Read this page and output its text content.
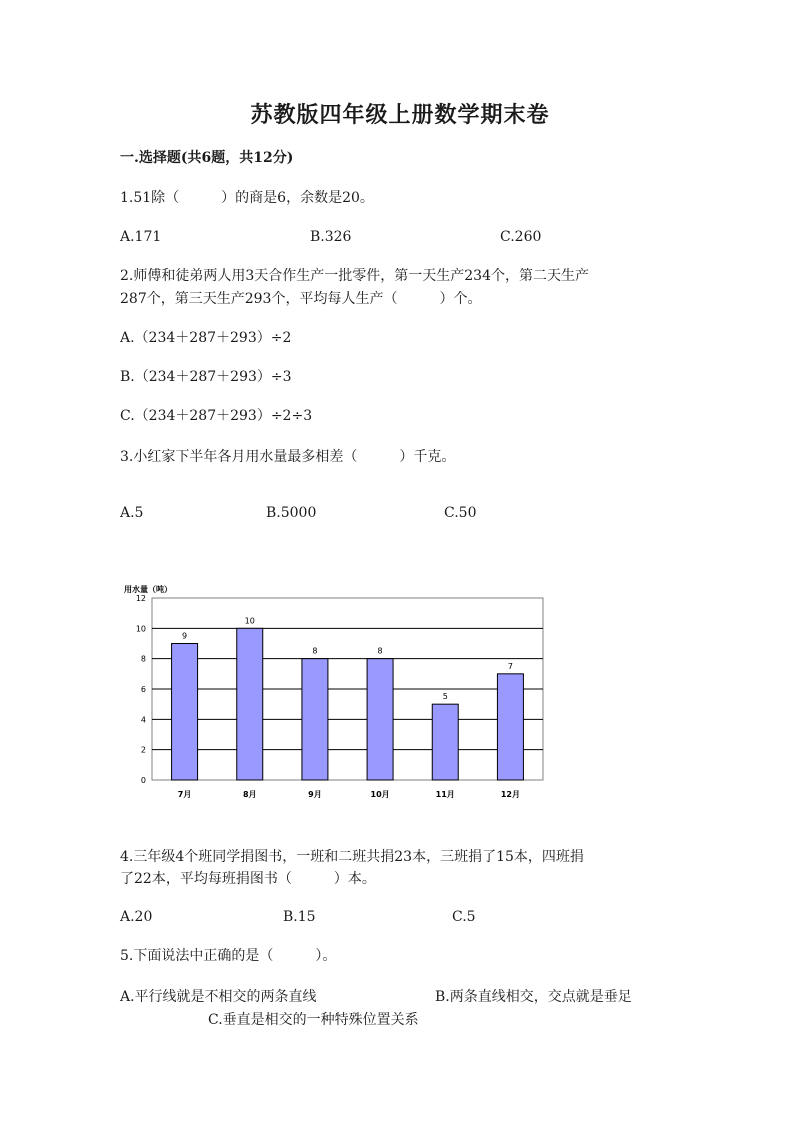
苏教版四年级上册数学期末卷
一.选择题(共6题，共12分)
1.51除（　　　）的商是6，余数是20。
A.171	B.326	C.260
2.师傅和徒弟两人用3天合作生产一批零件，第一天生产234个，第二天生产
287个，第三天生产293个，平均每人生产（　　　）个。
A.（234＋287＋293）÷2
B.（234＋287＋293）÷3
C.（234＋287＋293）÷2÷3
3.小红家下半年各月用水量最多相差（　　　）千克。
A.5	B.5000	C.50
0
2
4
6
8
10
12
用水量（吨）
9
7月
10
8月
8
9月
8
10月
5
11月
7
12月
4.三年级4个班同学捐图书，一班和二班共捐23本，三班捐了15本，四班捐
了22本，平均每班捐图书（　　　）本。
A.20	B.15	C.5
5.下面说法中正确的是（　　　）。
A.平行线就是不相交的两条直线	B.两条直线相交，交点就是垂足
C.垂直是相交的一种特殊位置关系
